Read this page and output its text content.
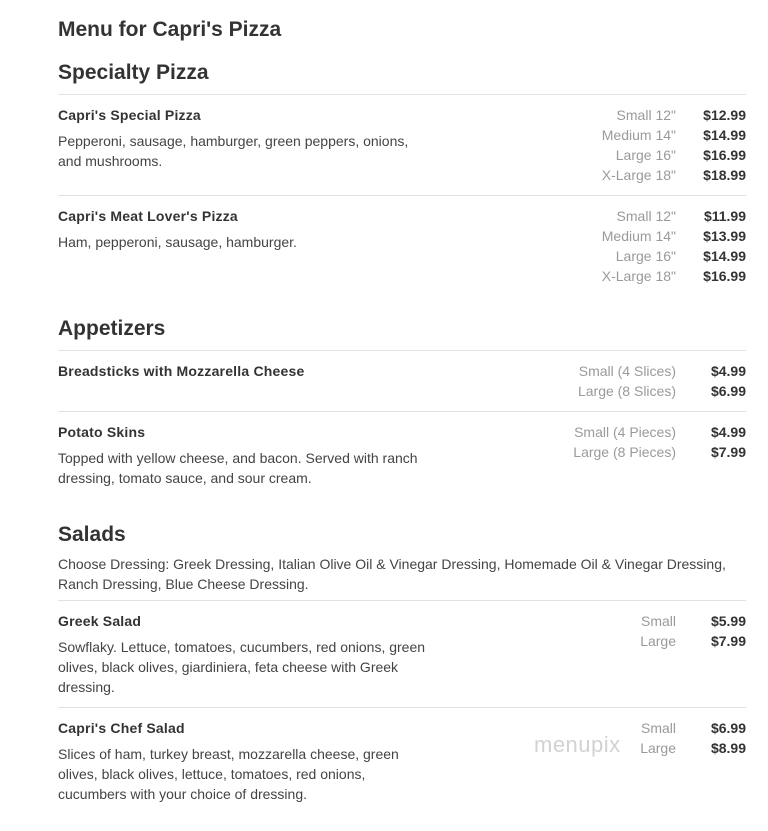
Menu for Capri's Pizza
Specialty Pizza
Capri's Special Pizza
Pepperoni, sausage, hamburger, green peppers, onions, and mushrooms.
Small 12"	$12.99
Medium 14"	$14.99
Large 16"	$16.99
X-Large 18"	$18.99
Capri's Meat Lover's Pizza
Ham, pepperoni, sausage, hamburger.
Small 12"	$11.99
Medium 14"	$13.99
Large 16"	$14.99
X-Large 18"	$16.99
Appetizers
Breadsticks with Mozzarella Cheese	Small (4 Slices)	$4.99
Large (8 Slices)	$6.99
Potato Skins
Topped with yellow cheese, and bacon. Served with ranch dressing, tomato sauce, and sour cream.
Small (4 Pieces)	$4.99
Large (8 Pieces)	$7.99
Salads
Choose Dressing: Greek Dressing, Italian Olive Oil & Vinegar Dressing, Homemade Oil & Vinegar Dressing, Ranch Dressing, Blue Cheese Dressing.
Greek Salad
Sowflaky. Lettuce, tomatoes, cucumbers, red onions, green olives, black olives, giardiniera, feta cheese with Greek dressing.
Small	$5.99
Large	$7.99
Capri's Chef Salad
Slices of ham, turkey breast, mozzarella cheese, green olives, black olives, lettuce, tomatoes, red onions, cucumbers with your choice of dressing.
Small	$6.99
Large	$8.99
menupix
